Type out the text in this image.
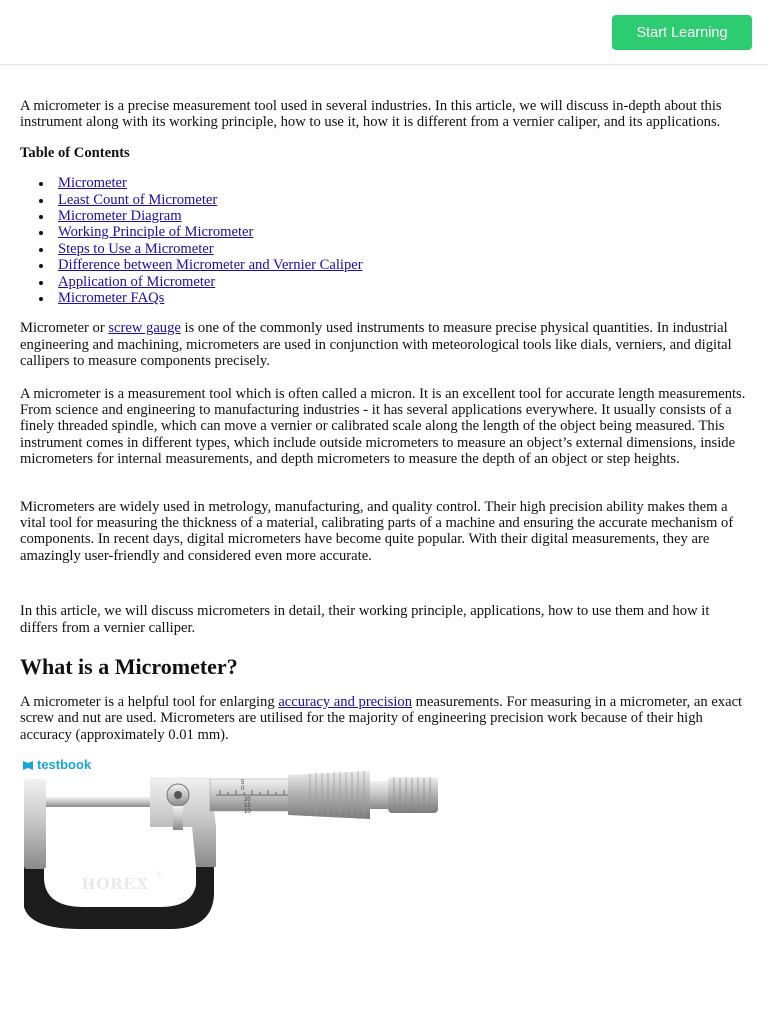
Start Learning

A micrometer is a precise measurement tool used in several industries. In this article, we will discuss in-depth about this instrument along with its working principle, how to use it, how it is different from a vernier caliper, and its applications.

Table of Contents

Micrometer
Least Count of Micrometer
Micrometer Diagram
Working Principle of Micrometer
Steps to Use a Micrometer
Difference between Micrometer and Vernier Caliper
Application of Micrometer
Micrometer FAQs

Micrometer or screw gauge is one of the commonly used instruments to measure precise physical quantities. In industrial engineering and machining, micrometers are used in conjunction with meteorological tools like dials, verniers, and digital callipers to measure components precisely.

A micrometer is a measurement tool which is often called a micron. It is an excellent tool for accurate length measurements. From science and engineering to manufacturing industries - it has several applications everywhere. It usually consists of a finely threaded spindle, which can move a vernier or calibrated scale along the length of the object being measured. This instrument comes in different types, which include outside micrometers to measure an object’s external dimensions, inside micrometers for internal measurements, and depth micrometers to measure the depth of an object or step heights.

Micrometers are widely used in metrology, manufacturing, and quality control. Their high precision ability makes them a vital tool for measuring the thickness of a material, calibrating parts of a machine and ensuring the accurate mechanism of components. In recent days, digital micrometers have become quite popular. With their digital measurements, they are amazingly user-friendly and considered even more accurate.

In this article, we will discuss micrometers in detail, their working principle, applications, how to use them and how it differs from a vernier calliper.

What is a Micrometer?

A micrometer is a helpful tool for enlarging accuracy and precision measurements. For measuring in a micrometer, an exact screw and nut are used. Micrometers are utilised for the majority of engineering precision work because of their high accuracy (approximately 0.01 mm).

testbook
5
0
20
15
10
HOREX ®
